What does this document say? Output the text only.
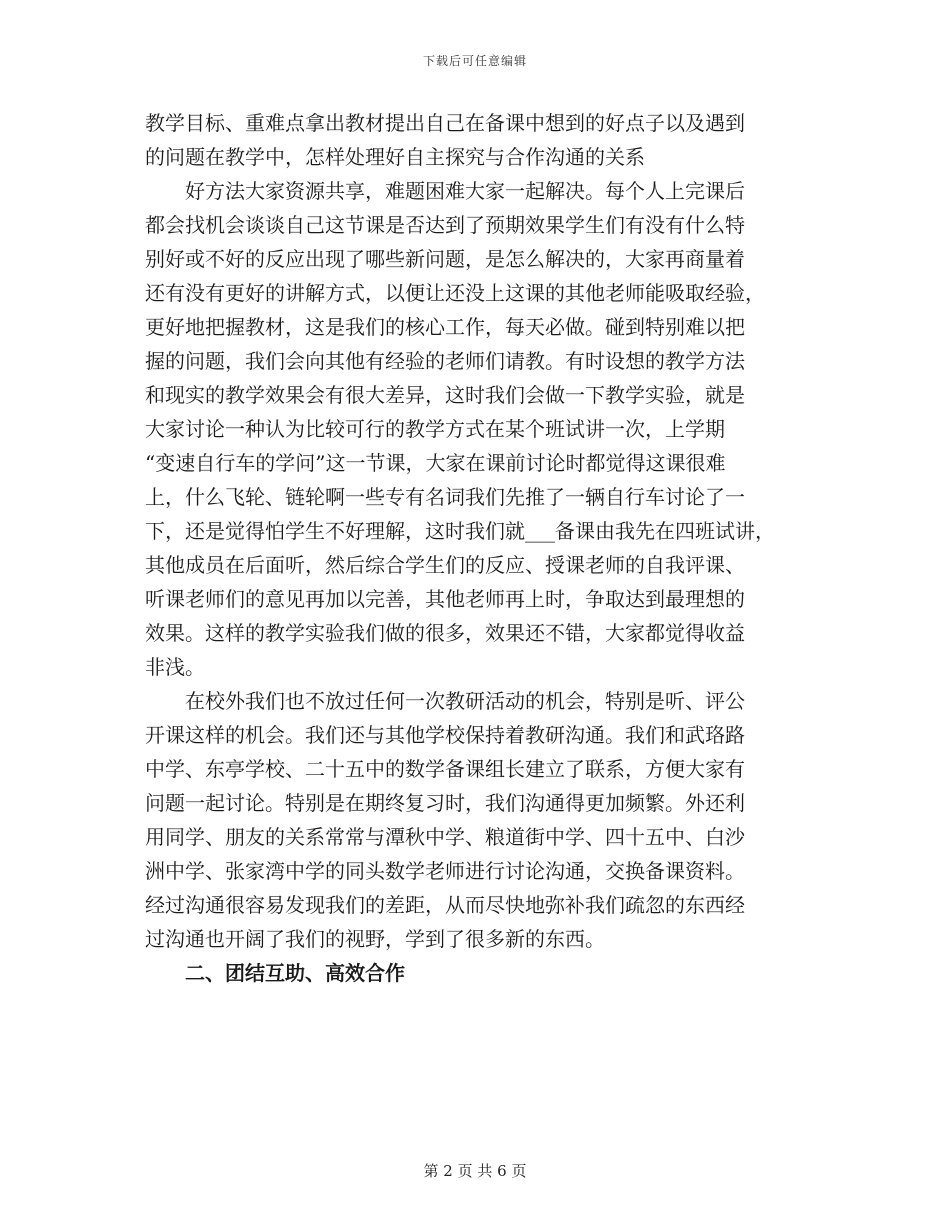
下载后可任意编辑
教学目标、重难点拿出教材提出自己在备课中想到的好点子以及遇到
的问题在教学中，怎样处理好自主探究与合作沟通的关系
好方法大家资源共享，难题困难大家一起解决。每个人上完课后
都会找机会谈谈自己这节课是否达到了预期效果学生们有没有什么特
别好或不好的反应出现了哪些新问题，是怎么解决的，大家再商量着
还有没有更好的讲解方式，以便让还没上这课的其他老师能吸取经验，
更好地把握教材，这是我们的核心工作，每天必做。碰到特别难以把
握的问题，我们会向其他有经验的老师们请教。有时设想的教学方法
和现实的教学效果会有很大差异，这时我们会做一下教学实验，就是
大家讨论一种认为比较可行的教学方式在某个班试讲一次，上学期
“变速自行车的学问”这一节课，大家在课前讨论时都觉得这课很难
上，什么飞轮、链轮啊一些专有名词我们先推了一辆自行车讨论了一
下，还是觉得怕学生不好理解，这时我们就___备课由我先在四班试讲，
其他成员在后面听，然后综合学生们的反应、授课老师的自我评课、
听课老师们的意见再加以完善，其他老师再上时，争取达到最理想的
效果。这样的教学实验我们做的很多，效果还不错，大家都觉得收益
非浅。
在校外我们也不放过任何一次教研活动的机会，特别是听、评公
开课这样的机会。我们还与其他学校保持着教研沟通。我们和武珞路
中学、东亭学校、二十五中的数学备课组长建立了联系，方便大家有
问题一起讨论。特别是在期终复习时，我们沟通得更加频繁。外还利
用同学、朋友的关系常常与潭秋中学、粮道街中学、四十五中、白沙
洲中学、张家湾中学的同头数学老师进行讨论沟通，交换备课资料。
经过沟通很容易发现我们的差距，从而尽快地弥补我们疏忽的东西经
过沟通也开阔了我们的视野，学到了很多新的东西。
二、团结互助、高效合作
第 2 页 共 6 页
